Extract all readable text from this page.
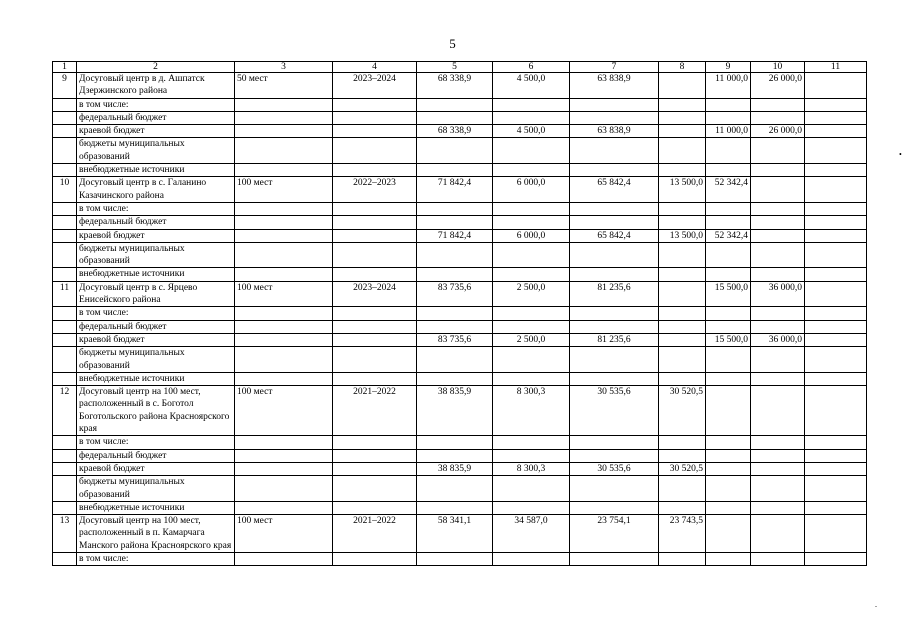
5
1	2	3	4	5	6	7	8	9	10	11
9	Досуговый центр в д. Ашпатск Дзержинского района	50 мест	2023–2024	68 338,9	4 500,0	63 838,9		11 000,0	26 000,0	
	в том числе:									
	федеральный бюджет									
	краевой бюджет			68 338,9	4 500,0	63 838,9		11 000,0	26 000,0	
	бюджеты муниципальных образований									
	внебюджетные источники									
10	Досуговый центр в с. Галанино Казачинского района	100 мест	2022–2023	71 842,4	6 000,0	65 842,4	13 500,0	52 342,4		
	в том числе:									
	федеральный бюджет									
	краевой бюджет			71 842,4	6 000,0	65 842,4	13 500,0	52 342,4		
	бюджеты муниципальных образований									
	внебюджетные источники									
11	Досуговый центр в с. Ярцево Енисейского района	100 мест	2023–2024	83 735,6	2 500,0	81 235,6		15 500,0	36 000,0	
	в том числе:									
	федеральный бюджет									
	краевой бюджет			83 735,6	2 500,0	81 235,6		15 500,0	36 000,0	
	бюджеты муниципальных образований									
	внебюджетные источники									
12	Досуговый центр на 100 мест, расположенный в с. Боготол Боготольского района Красноярского края	100 мест	2021–2022	38 835,9	8 300,3	30 535,6	30 520,5			
	в том числе:									
	федеральный бюджет									
	краевой бюджет			38 835,9	8 300,3	30 535,6	30 520,5			
	бюджеты муниципальных образований									
	внебюджетные источники									
13	Досуговый центр на 100 мест, расположенный в п. Камарчага Манского района Красноярского края	100 мест	2021–2022	58 341,1	34 587,0	23 754,1	23 743,5			
	в том числе:									
•
.
